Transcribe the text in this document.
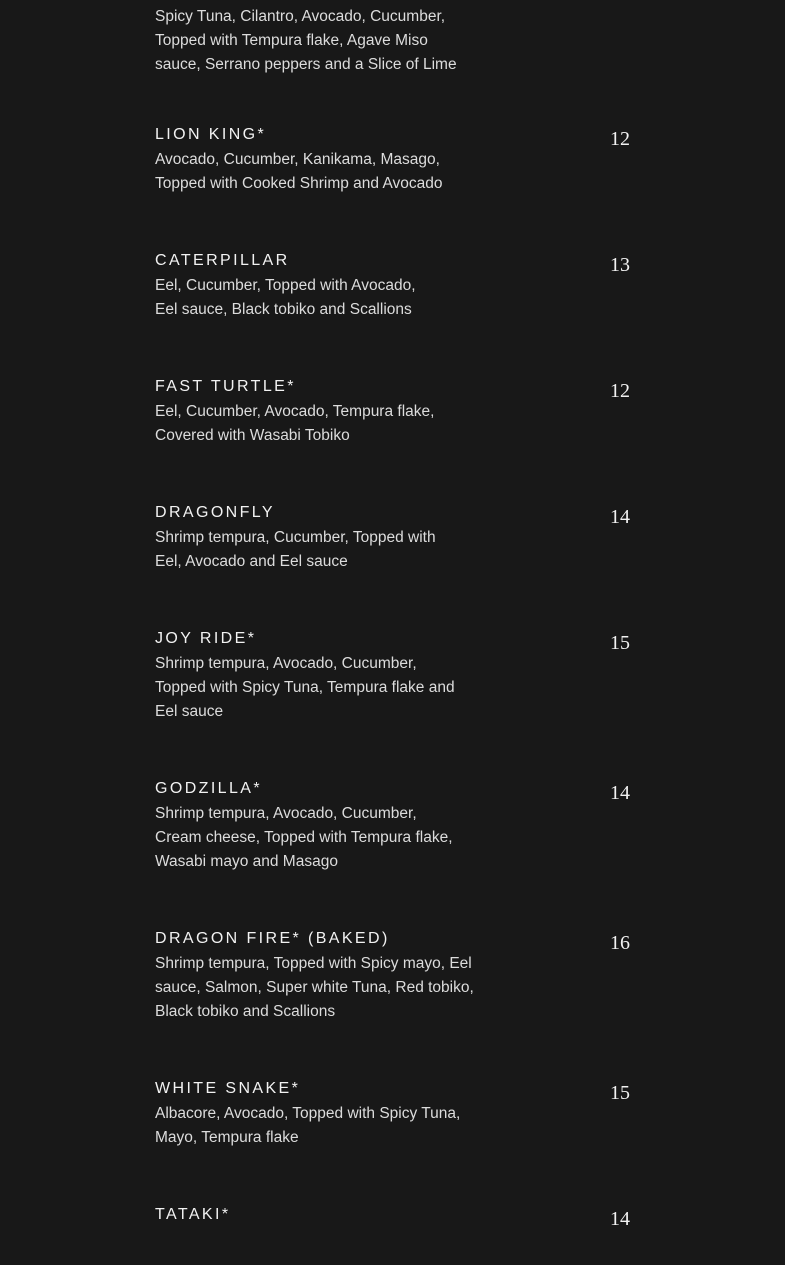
Spicy Tuna, Cilantro, Avocado, Cucumber,
Topped with Tempura flake, Agave Miso
sauce, Serrano peppers and a Slice of Lime
LION KING*	12
Avocado, Cucumber, Kanikama, Masago,
Topped with Cooked Shrimp and Avocado
CATERPILLAR	13
Eel, Cucumber, Topped with Avocado,
Eel sauce, Black tobiko and Scallions
FAST TURTLE*	12
Eel, Cucumber, Avocado, Tempura flake,
Covered with Wasabi Tobiko
DRAGONFLY	14
Shrimp tempura, Cucumber, Topped with
Eel, Avocado and Eel sauce
JOY RIDE*	15
Shrimp tempura, Avocado, Cucumber,
Topped with Spicy Tuna, Tempura flake and
Eel sauce
GODZILLA*	14
Shrimp tempura, Avocado, Cucumber,
Cream cheese, Topped with Tempura flake,
Wasabi mayo and Masago
DRAGON FIRE* (BAKED)	16
Shrimp tempura, Topped with Spicy mayo, Eel
sauce, Salmon, Super white Tuna, Red tobiko,
Black tobiko and Scallions
WHITE SNAKE*	15
Albacore, Avocado, Topped with Spicy Tuna,
Mayo, Tempura flake
TATAKI*	14
